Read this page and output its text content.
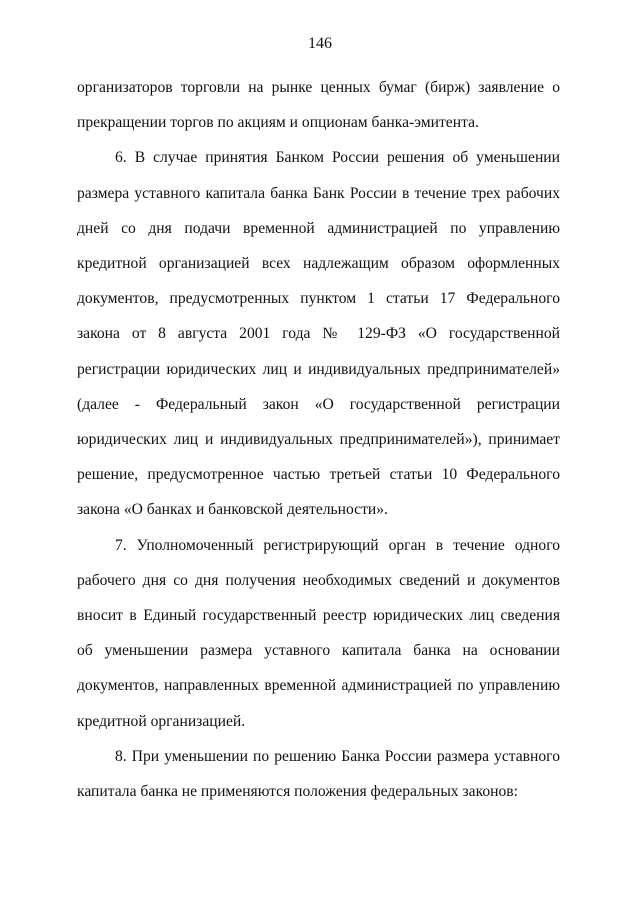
146

организаторов торговли на рынке ценных бумаг (бирж) заявление о прекращении торгов по акциям и опционам банка-эмитента.

6. В случае принятия Банком России решения об уменьшении размера уставного капитала банка Банк России в течение трех рабочих дней со дня подачи временной администрацией по управлению кредитной организацией всех надлежащим образом оформленных документов, предусмотренных пунктом 1 статьи 17 Федерального закона от 8 августа 2001 года № 129-ФЗ «О государственной регистрации юридических лиц и индивидуальных предпринимателей» (далее - Федеральный закон «О государственной регистрации юридических лиц и индивидуальных предпринимателей»), принимает решение, предусмотренное частью третьей статьи 10 Федерального закона «О банках и банковской деятельности».

7. Уполномоченный регистрирующий орган в течение одного рабочего дня со дня получения необходимых сведений и документов вносит в Единый государственный реестр юридических лиц сведения об уменьшении размера уставного капитала банка на основании документов, направленных временной администрацией по управлению кредитной организацией.

8. При уменьшении по решению Банка России размера уставного капитала банка не применяются положения федеральных законов:
